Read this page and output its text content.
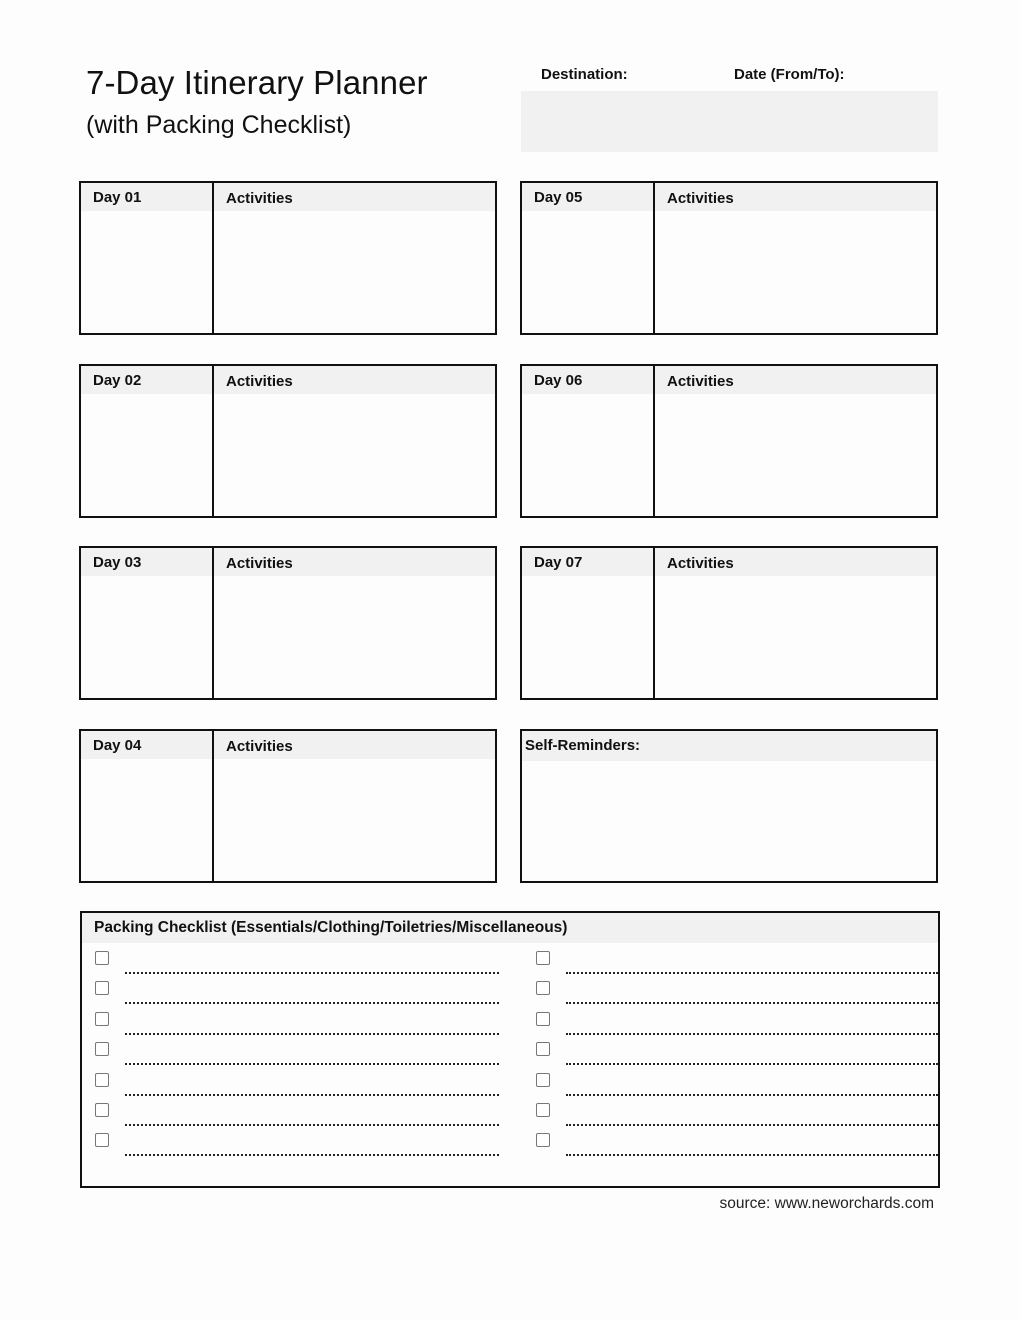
7-Day Itinerary Planner
(with Packing Checklist)
Destination:	Date (From/To):
Day 01	Activities
Day 02	Activities
Day 03	Activities
Day 04	Activities
Day 05	Activities
Day 06	Activities
Day 07	Activities
Self-Reminders:
Packing Checklist (Essentials/Clothing/Toiletries/Miscellaneous)
source: www.neworchards.com
